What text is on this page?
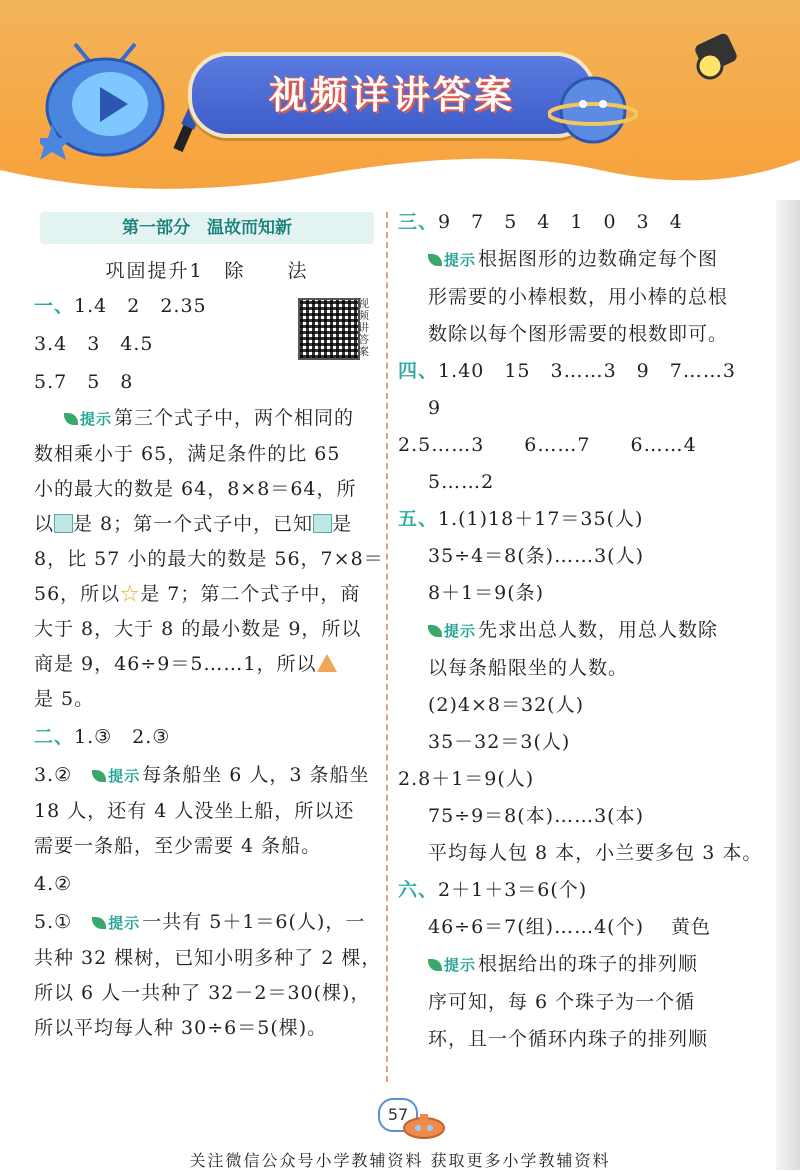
视频详讲答案
第一部分　温故而知新
巩固提升1　除　　法
视频讲答案
一、1.4　2　2.35
3.4　3　4.5
5.7　5　8
提示 第三个式子中，两个相同的
数相乘小于 65，满足条件的比 65
小的最大的数是 64，8×8＝64，所
以 是 8；第一个式子中，已知 是
8，比 57 小的最大的数是 56，7×8＝
56，所以☆是 7；第二个式子中，商
大于 8，大于 8 的最小数是 9，所以
商是 9，46÷9＝5……1，所以
是 5。
二、1.③　2.③
3.②　 提示 每条船坐 6 人，3 条船坐
18 人，还有 4 人没坐上船，所以还
需要一条船，至少需要 4 条船。
4.②
5.①　 提示 一共有 5＋1＝6(人)，一
共种 32 棵树，已知小明多种了 2 棵，
所以 6 人一共种了 32－2＝30(棵)，
所以平均每人种 30÷6＝5(棵)。
三、9　7　5　4　1　0　3　4
提示 根据图形的边数确定每个图
形需要的小棒根数，用小棒的总根
数除以每个图形需要的根数即可。
四、1.40　15　3……3　9　7……3
9
2.5……3　　6……7　　6……4
5……2
五、1.(1)18＋17＝35(人)
35÷4＝8(条)……3(人)
8＋1＝9(条)
提示 先求出总人数，用总人数除
以每条船限坐的人数。
(2)4×8＝32(人)
35－32＝3(人)
2.8＋1＝9(人)
75÷9＝8(本)……3(本)
平均每人包 8 本，小兰要多包 3 本。
六、2＋1＋3＝6(个)
46÷6＝7(组)……4(个)　 黄色
提示 根据给出的珠子的排列顺
序可知，每 6 个珠子为一个循
环，且一个循环内珠子的排列顺
57
关注微信公众号小学教辅资料 获取更多小学教辅资料
